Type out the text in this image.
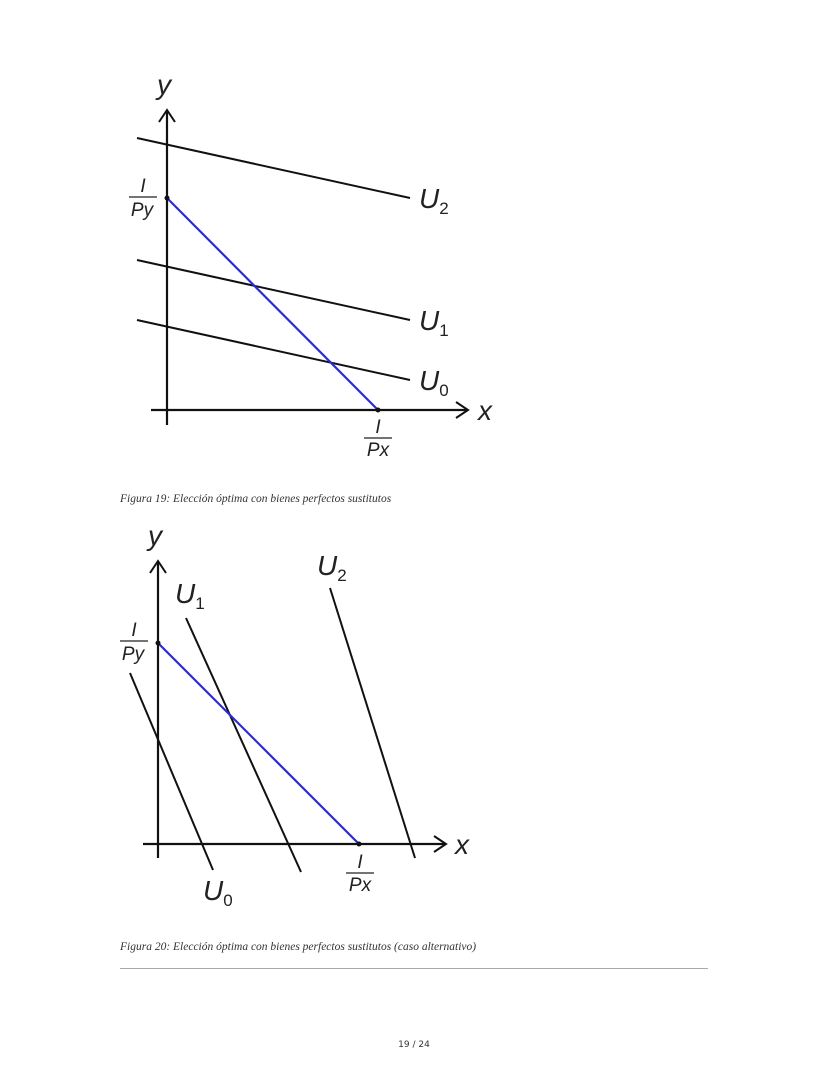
y
x
I
Py
I
Px
$U_2$
$U_1$
$U_0$
y
x
I
Py
I
Px
$U_2$
$U_1$
$U_0$
Figura 19: Elección óptima con bienes perfectos sustitutos
Figura 20: Elección óptima con bienes perfectos sustitutos (caso alternativo)
19 / 24
